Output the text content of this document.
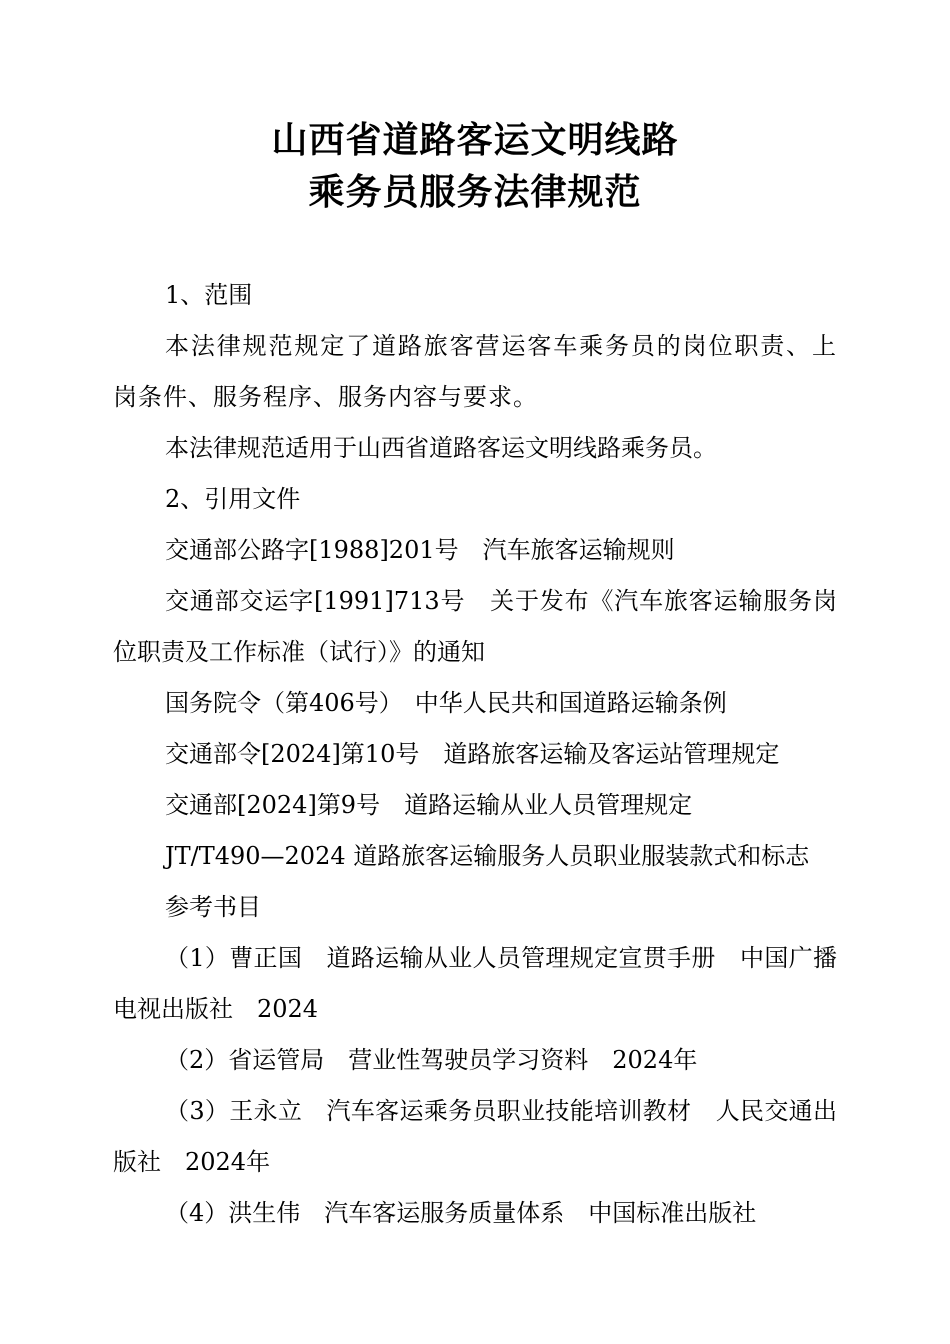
山西省道路客运文明线路
乘务员服务法律规范

1、范围

本法律规范规定了道路旅客营运客车乘务员的岗位职责、上岗条件、服务程序、服务内容与要求。

本法律规范适用于山西省道路客运文明线路乘务员。

2、引用文件

交通部公路字[1988]201号　汽车旅客运输规则

交通部交运字[1991]713号　关于发布《汽车旅客运输服务岗位职责及工作标准（试行）》的通知

国务院令（第406号）　中华人民共和国道路运输条例

交通部令[2024]第10号　道路旅客运输及客运站管理规定

交通部[2024]第9号　道路运输从业人员管理规定

JT/T490—2024 道路旅客运输服务人员职业服装款式和标志

参考书目

（1）曹正国　道路运输从业人员管理规定宣贯手册　中国广播电视出版社　2024

（2）省运管局　营业性驾驶员学习资料　2024年

（3）王永立　汽车客运乘务员职业技能培训教材　人民交通出版社　2024年

（4）洪生伟　汽车客运服务质量体系　中国标准出版社
